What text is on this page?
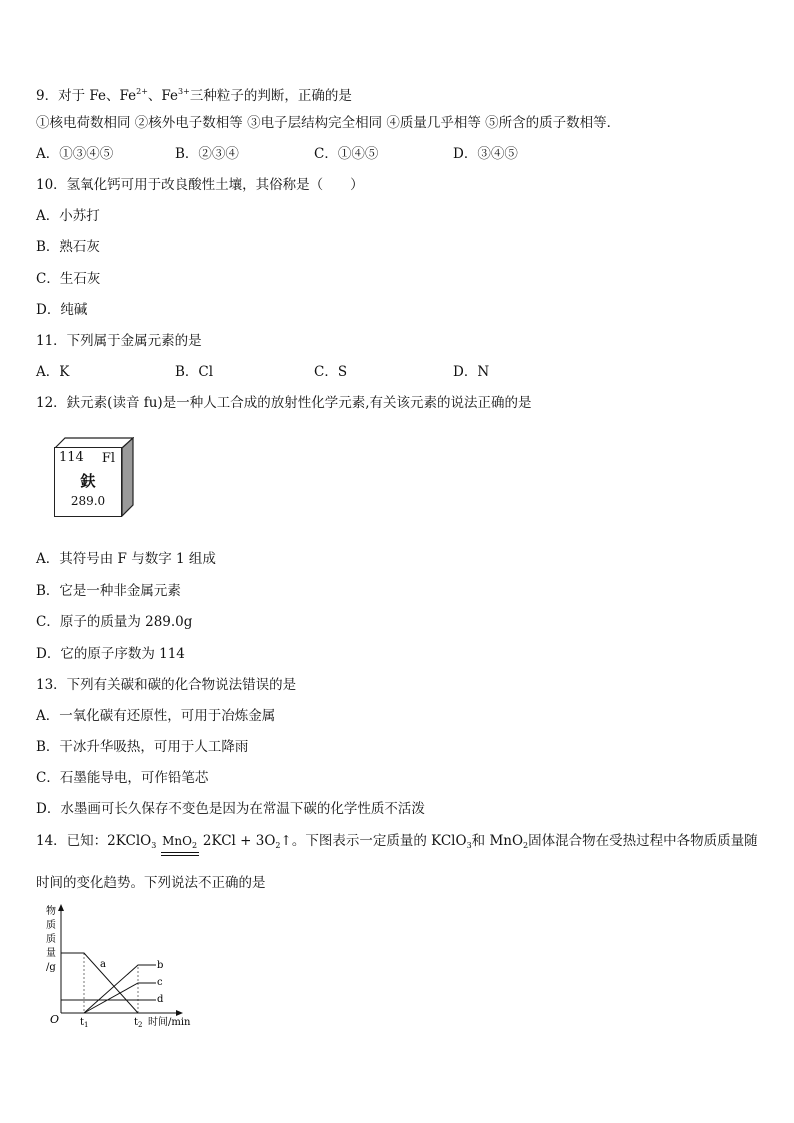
9．对于 Fe、$Fe^{2+}$、$Fe^{3+}$三种粒子的判断，正确的是
①核电荷数相同 ②核外电子数相等 ③电子层结构完全相同 ④质量几乎相等 ⑤所含的质子数相等．
A．①③④⑤	B．②③④	C．①④⑤	D．③④⑤
10．氢氧化钙可用于改良酸性土壤，其俗称是（　　）
A．小苏打
B．熟石灰
C．生石灰
D．纯碱
11．下列属于金属元素的是
A．K	B．Cl	C．S	D．N
12．鈇元素(读音 fu)是一种人工合成的放射性化学元素,有关该元素的说法正确的是
114 Fl
鈇
289.0
A．其符号由 F 与数字 1 组成
B．它是一种非金属元素
C．原子的质量为 289.0g
D．它的原子序数为 114
13．下列有关碳和碳的化合物说法错误的是
A．一氧化碳有还原性，可用于冶炼金属
B．干冰升华吸热，可用于人工降雨
C．石墨能导电，可作铅笔芯
D．水墨画可长久保存不变色是因为在常温下碳的化学性质不活泼
14．已知：2KClO$_3$ MnO$_2$ $2KCl + 3O_2↑$。下图表示一定质量的 KClO$_3$和 MnO$_2$固体混合物在受热过程中各物质质量随
时间的变化趋势。下列说法不正确的是
物
质
质
量
/g
O
a	b
c
d
$t_1$	$t_2$ 时间/min
